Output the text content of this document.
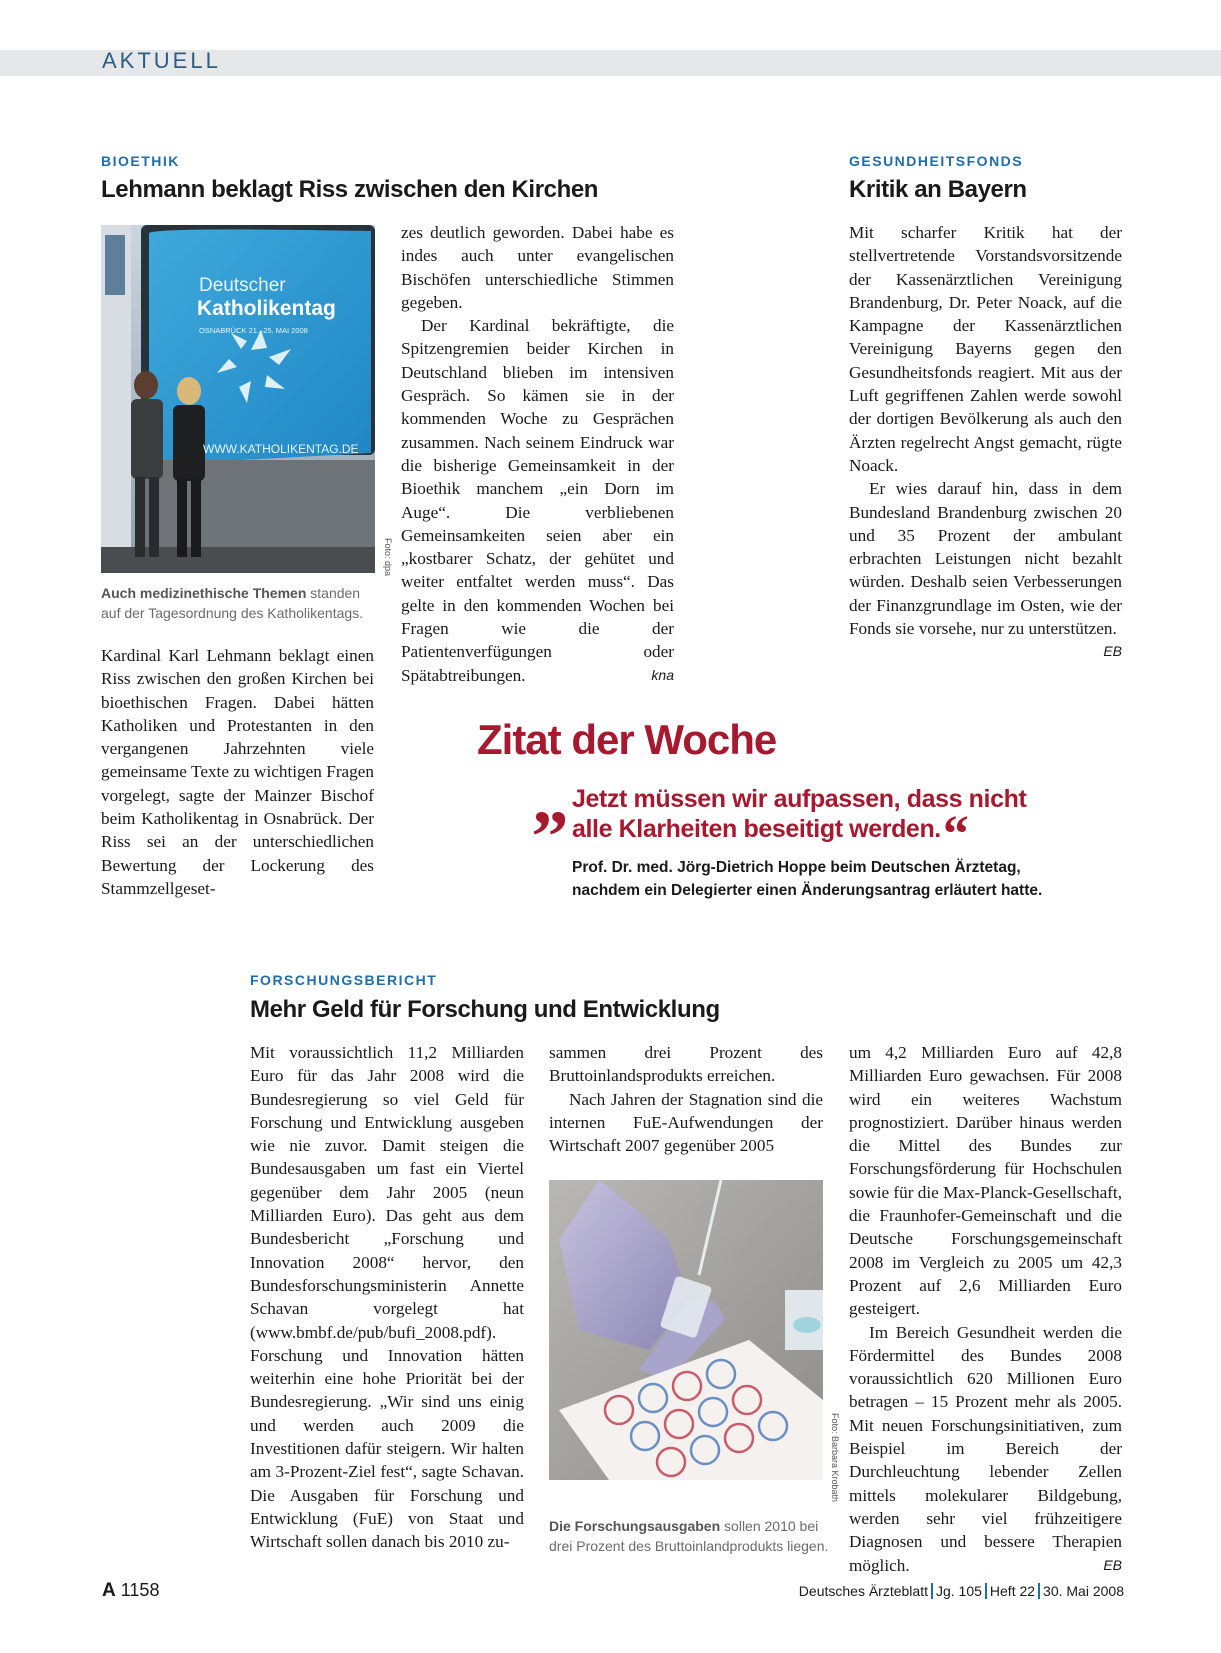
AKTUELL
BIOETHIK
Lehmann beklagt Riss zwischen den Kirchen
Deutscher
Katholikentag
OSNABRÜCK 21.–25. MAI 2008
WWW.KATHOLIKENTAG.DE
Foto: dpa
Auch medizinethische Themen standen auf der Tagesordnung des Katholikentags.

Kardinal Karl Lehmann beklagt einen Riss zwischen den großen Kirchen bei bioethischen Fragen. Dabei hätten Katholiken und Protestanten in den vergangenen Jahrzehnten viele gemeinsame Texte zu wichtigen Fragen vorgelegt, sagte der Mainzer Bischof beim Katholikentag in Osnabrück. Der Riss sei an der unterschiedlichen Bewertung der Lockerung des Stammzellgeset-

zes deutlich geworden. Dabei habe es indes auch unter evangelischen Bischöfen unterschiedliche Stimmen gegeben.

Der Kardinal bekräftigte, die Spitzengremien beider Kirchen in Deutschland blieben im intensiven Gespräch. So kämen sie in der kommenden Woche zu Gesprächen zusammen. Nach seinem Eindruck war die bisherige Gemeinsamkeit in der Bioethik manchem „ein Dorn im Auge“. Die verbliebenen Gemeinsamkeiten seien aber ein „kostbarer Schatz, der gehütet und weiter entfaltet werden muss“. Das gelte in den kommenden Wochen bei Fragen wie die der Patientenverfügungen oder Spätabtreibungen.	kna

GESUNDHEITSFONDS
Kritik an Bayern

Mit scharfer Kritik hat der stellvertretende Vorstandsvorsitzende der Kassenärztlichen Vereinigung Brandenburg, Dr. Peter Noack, auf die Kampagne der Kassenärztlichen Vereinigung Bayerns gegen den Gesundheitsfonds reagiert. Mit aus der Luft gegriffenen Zahlen werde sowohl der dortigen Bevölkerung als auch den Ärzten regelrecht Angst gemacht, rügte Noack.

Er wies darauf hin, dass in dem Bundesland Brandenburg zwischen 20 und 35 Prozent der ambulant erbrachten Leistungen nicht bezahlt würden. Deshalb seien Verbesserungen der Finanzgrundlage im Osten, wie der Fonds sie vorsehe, nur zu unterstützen.
EB

Zitat der Woche
„ Jetzt müssen wir aufpassen, dass nicht alle Klarheiten beseitigt werden.“
Prof. Dr. med. Jörg-Dietrich Hoppe beim Deutschen Ärztetag, nachdem ein Delegierter einen Änderungsantrag erläutert hatte.
FORSCHUNGSBERICHT
Mehr Geld für Forschung und Entwicklung

Mit voraussichtlich 11,2 Milliarden Euro für das Jahr 2008 wird die Bundesregierung so viel Geld für Forschung und Entwicklung ausgeben wie nie zuvor. Damit steigen die Bundesausgaben um fast ein Viertel gegenüber dem Jahr 2005 (neun Milliarden Euro). Das geht aus dem Bundesbericht „Forschung und Innovation 2008“ hervor, den Bundesforschungsministerin Annette Schavan vorgelegt hat (www.bmbf.de/pub/bufi_2008.pdf). Forschung und Innovation hätten weiterhin eine hohe Priorität bei der Bundesregierung. „Wir sind uns einig und werden auch 2009 die Investitionen dafür steigern. Wir halten am 3-Prozent-Ziel fest“, sagte Schavan. Die Ausgaben für Forschung und Entwicklung (FuE) von Staat und Wirtschaft sollen danach bis 2010 zu-

sammen drei Prozent des Bruttoinlandsprodukts erreichen.

Nach Jahren der Stagnation sind die internen FuE-Aufwendungen der Wirtschaft 2007 gegenüber 2005

Foto: Barbara Krobath
Die Forschungsausgaben sollen 2010 bei drei Prozent des Bruttoinlandprodukts liegen.

um 4,2 Milliarden Euro auf 42,8 Milliarden Euro gewachsen. Für 2008 wird ein weiteres Wachstum prognostiziert. Darüber hinaus werden die Mittel des Bundes zur Forschungsförderung für Hochschulen sowie für die Max-Planck-Gesellschaft, die Fraunhofer-Gemeinschaft und die Deutsche Forschungsgemeinschaft 2008 im Vergleich zu 2005 um 42,3 Prozent auf 2,6 Milliarden Euro gesteigert.

Im Bereich Gesundheit werden die Fördermittel des Bundes 2008 voraussichtlich 620 Millionen Euro betragen – 15 Prozent mehr als 2005. Mit neuen Forschungsinitiativen, zum Beispiel im Bereich der Durchleuchtung lebender Zellen mittels molekularer Bildgebung, werden sehr viel frühzeitigere Diagnosen und bessere Therapien möglich.	EB

A 1158	Deutsches Ärzteblatt Jg. 105 Heft 22 30. Mai 2008
